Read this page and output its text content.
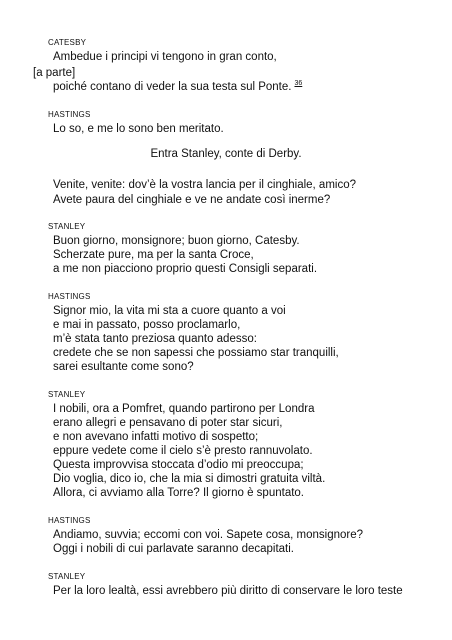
CATESBY
Ambedue i principi vi tengono in gran conto,
[a parte]
poiché contano di veder la sua testa sul Ponte. $^{36}$
HASTINGS
Lo so, e me lo sono ben meritato.
Entra Stanley, conte di Derby.
Venite, venite: dov’è la vostra lancia per il cinghiale, amico?
Avete paura del cinghiale e ve ne andate così inerme?
STANLEY
Buon giorno, monsignore; buon giorno, Catesby.
Scherzate pure, ma per la santa Croce,
a me non piacciono proprio questi Consigli separati.
HASTINGS
Signor mio, la vita mi sta a cuore quanto a voi
e mai in passato, posso proclamarlo,
m’è stata tanto preziosa quanto adesso:
credete che se non sapessi che possiamo star tranquilli,
sarei esultante come sono?
STANLEY
I nobili, ora a Pomfret, quando partirono per Londra
erano allegri e pensavano di poter star sicuri,
e non avevano infatti motivo di sospetto;
eppure vedete come il cielo s’è presto rannuvolato.
Questa improvvisa stoccata d’odio mi preoccupa;
Dio voglia, dico io, che la mia si dimostri gratuita viltà.
Allora, ci avviamo alla Torre? Il giorno è spuntato.
HASTINGS
Andiamo, suvvia; eccomi con voi. Sapete cosa, monsignore?
Oggi i nobili di cui parlavate saranno decapitati.
STANLEY
Per la loro lealtà, essi avrebbero più diritto di conservare le loro teste
